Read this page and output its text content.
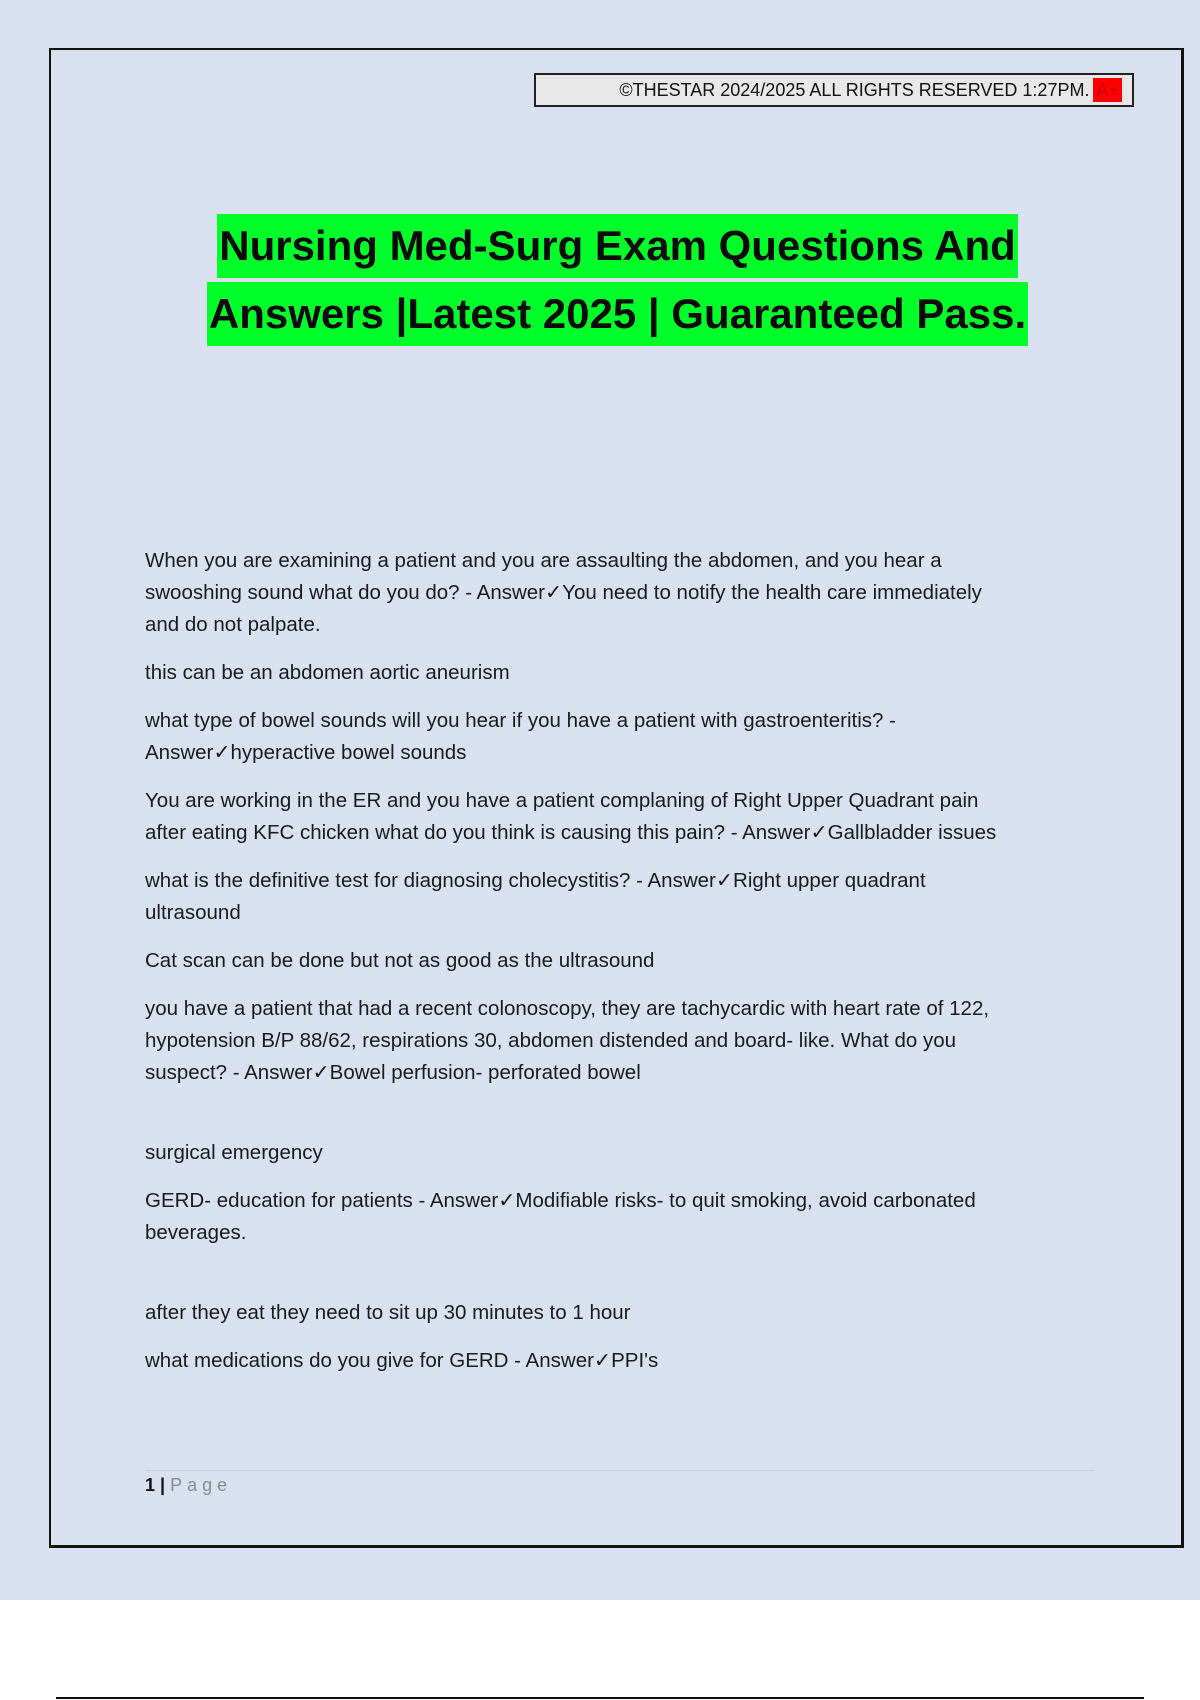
©THESTAR 2024/2025 ALL RIGHTS RESERVED 1:27PM. A+
Nursing Med-Surg Exam Questions And
Answers |Latest 2025 | Guaranteed Pass.

When you are examining a patient and you are assaulting the abdomen, and you hear a
swooshing sound what do you do? - Answer✓You need to notify the health care immediately
and do not palpate.

this can be an abdomen aortic aneurism

what type of bowel sounds will you hear if you have a patient with gastroenteritis? -
Answer✓hyperactive bowel sounds

You are working in the ER and you have a patient complaning of Right Upper Quadrant pain
after eating KFC chicken what do you think is causing this pain? - Answer✓Gallbladder issues

what is the definitive test for diagnosing cholecystitis? - Answer✓Right upper quadrant
ultrasound

Cat scan can be done but not as good as the ultrasound

you have a patient that had a recent colonoscopy, they are tachycardic with heart rate of 122,
hypotension B/P 88/62, respirations 30, abdomen distended and board- like. What do you
suspect? - Answer✓Bowel perfusion- perforated bowel

surgical emergency

GERD- education for patients - Answer✓Modifiable risks- to quit smoking, avoid carbonated
beverages.

after they eat they need to sit up 30 minutes to 1 hour

what medications do you give for GERD - Answer✓PPI's

1 | Page
